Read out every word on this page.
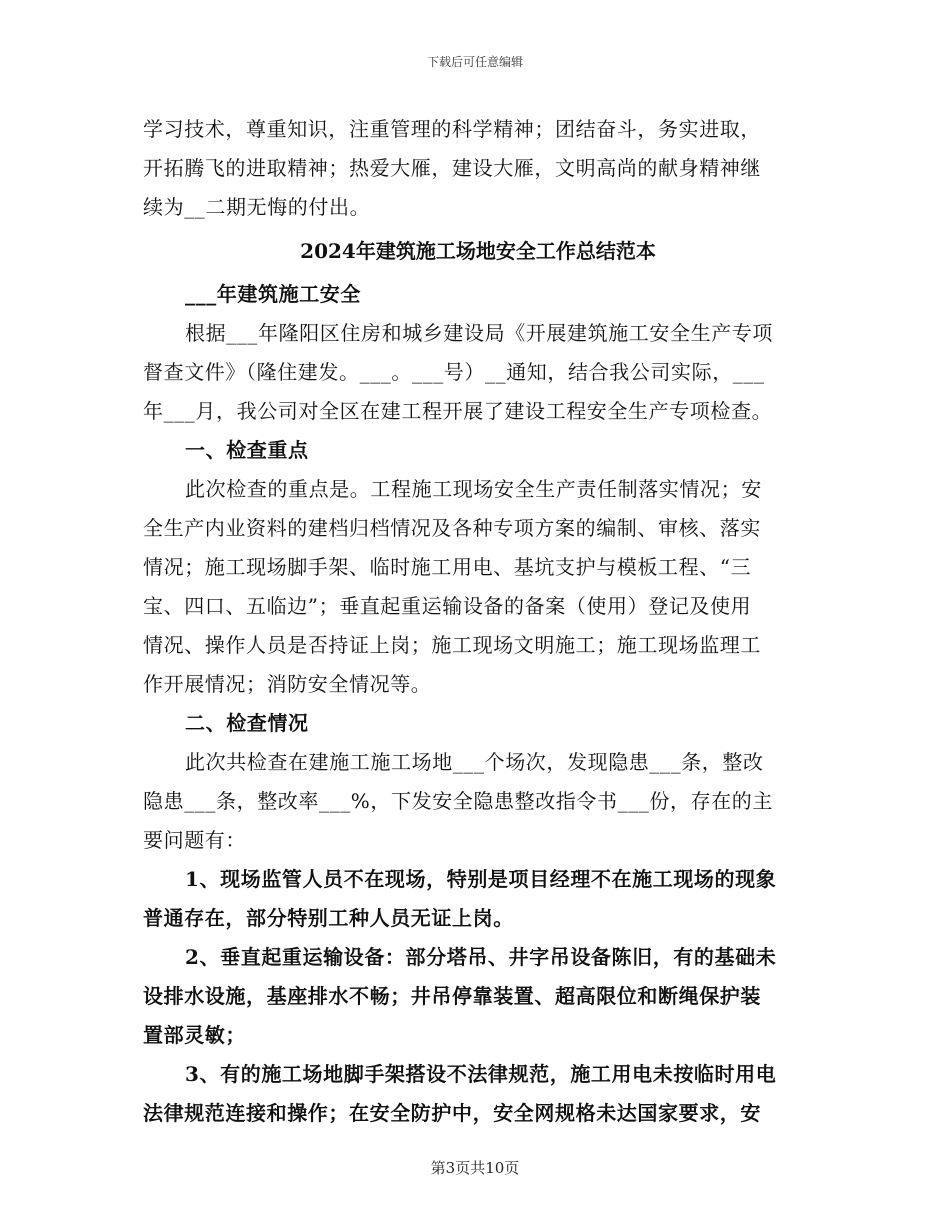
下载后可任意编辑
学习技术，尊重知识，注重管理的科学精神；团结奋斗，务实进取，
开拓腾飞的进取精神；热爱大雁，建设大雁，文明高尚的献身精神继
续为__二期无悔的付出。
2024年建筑施工场地安全工作总结范本
___年建筑施工安全
根据___年隆阳区住房和城乡建设局《开展建筑施工安全生产专项
督查文件》（隆住建发。___。___号）__通知，结合我公司实际，___
年___月，我公司对全区在建工程开展了建设工程安全生产专项检查。
一、检查重点
此次检查的重点是。工程施工现场安全生产责任制落实情况；安
全生产内业资料的建档归档情况及各种专项方案的编制、审核、落实
情况；施工现场脚手架、临时施工用电、基坑支护与模板工程、“三
宝、四口、五临边”；垂直起重运输设备的备案（使用）登记及使用
情况、操作人员是否持证上岗；施工现场文明施工；施工现场监理工
作开展情况；消防安全情况等。
二、检查情况
此次共检查在建施工施工场地___个场次，发现隐患___条，整改
隐患___条，整改率___%，下发安全隐患整改指令书___份，存在的主
要问题有：
1、现场监管人员不在现场，特别是项目经理不在施工现场的现象
普通存在，部分特别工种人员无证上岗。
2、垂直起重运输设备：部分塔吊、井字吊设备陈旧，有的基础未
设排水设施，基座排水不畅；井吊停靠装置、超高限位和断绳保护装
置部灵敏；
3、有的施工场地脚手架搭设不法律规范，施工用电未按临时用电
法律规范连接和操作；在安全防护中，安全网规格未达国家要求，安
第3页共10页
